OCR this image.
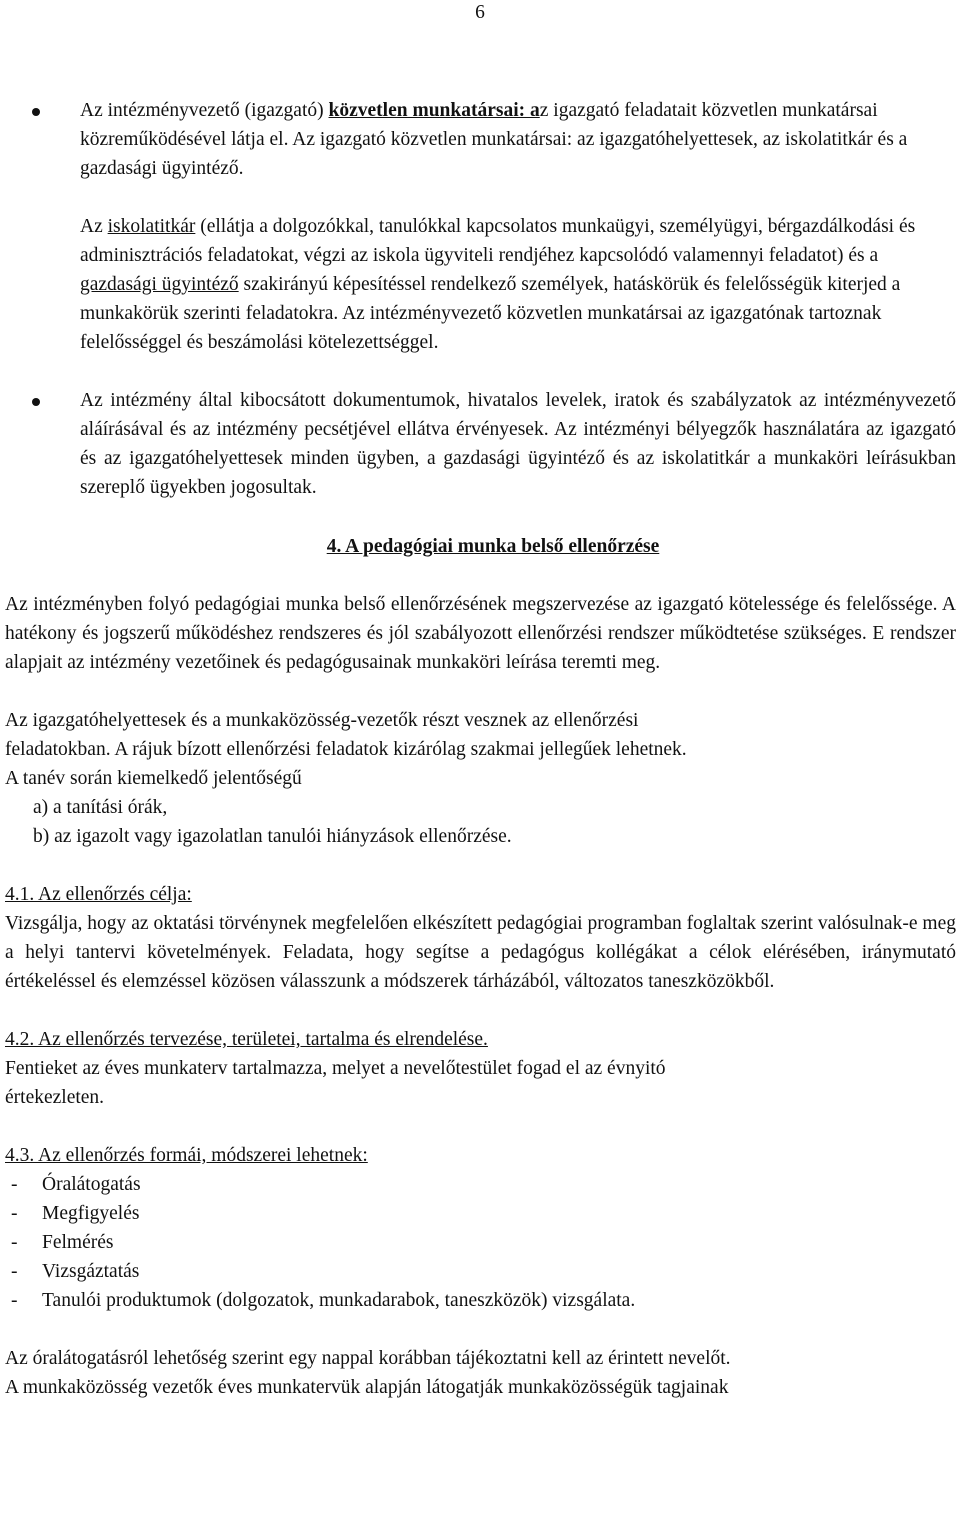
6

Az intézményvezető (igazgató) közvetlen munkatársai: az igazgató feladatait közvetlen munkatársai közreműködésével látja el. Az igazgató közvetlen munkatársai: az igazgatóhelyettesek, az iskolatitkár és a gazdasági ügyintéző.

Az iskolatitkár (ellátja a dolgozókkal, tanulókkal kapcsolatos munkaügyi, személyügyi, bérgazdálkodási és adminisztrációs feladatokat, végzi az iskola ügyviteli rendjéhez kapcsolódó valamennyi feladatot) és a gazdasági ügyintéző szakirányú képesítéssel rendelkező személyek, hatáskörük és felelősségük kiterjed a munkakörük szerinti feladatokra. Az intézményvezető közvetlen munkatársai az igazgatónak tartoznak felelősséggel és beszámolási kötelezettséggel.

Az intézmény által kibocsátott dokumentumok, hivatalos levelek, iratok és szabályzatok az intézményvezető aláírásával és az intézmény pecsétjével ellátva érvényesek. Az intézményi bélyegzők használatára az igazgató és az igazgatóhelyettesek minden ügyben, a gazdasági ügyintéző és az iskolatitkár a munkaköri leírásukban szereplő ügyekben jogosultak.

4. A pedagógiai munka belső ellenőrzése

Az intézményben folyó pedagógiai munka belső ellenőrzésének megszervezése az igazgató kötelessége és felelőssége. A hatékony és jogszerű működéshez rendszeres és jól szabályozott ellenőrzési rendszer működtetése szükséges. E rendszer alapjait az intézmény vezetőinek és pedagógusainak munkaköri leírása teremti meg.

Az igazgatóhelyettesek és a munkaközösség-vezetők részt vesznek az ellenőrzési

feladatokban. A rájuk bízott ellenőrzési feladatok kizárólag szakmai jellegűek lehetnek.

A tanév során kiemelkedő jelentőségű

a) a tanítási órák,

b) az igazolt vagy igazolatlan tanulói hiányzások ellenőrzése.

4.1. Az ellenőrzés célja:

Vizsgálja, hogy az oktatási törvénynek megfelelően elkészített pedagógiai programban foglaltak szerint valósulnak-e meg a helyi tantervi követelmények. Feladata, hogy segítse a pedagógus kollégákat a célok elérésében, iránymutató értékeléssel és elemzéssel közösen válasszunk a módszerek tárházából, változatos taneszközökből.

4.2. Az ellenőrzés tervezése, területei, tartalma és elrendelése.

Fentieket az éves munkaterv tartalmazza, melyet a nevelőtestület fogad el az évnyitó

értekezleten.

4.3. Az ellenőrzés formái, módszerei lehetnek:

- Óralátogatás

- Megfigyelés

- Felmérés

- Vizsgáztatás

- Tanulói produktumok (dolgozatok, munkadarabok, taneszközök) vizsgálata.

Az óralátogatásról lehetőség szerint egy nappal korábban tájékoztatni kell az érintett nevelőt.

A munkaközösség vezetők éves munkatervük alapján látogatják munkaközösségük tagjainak
